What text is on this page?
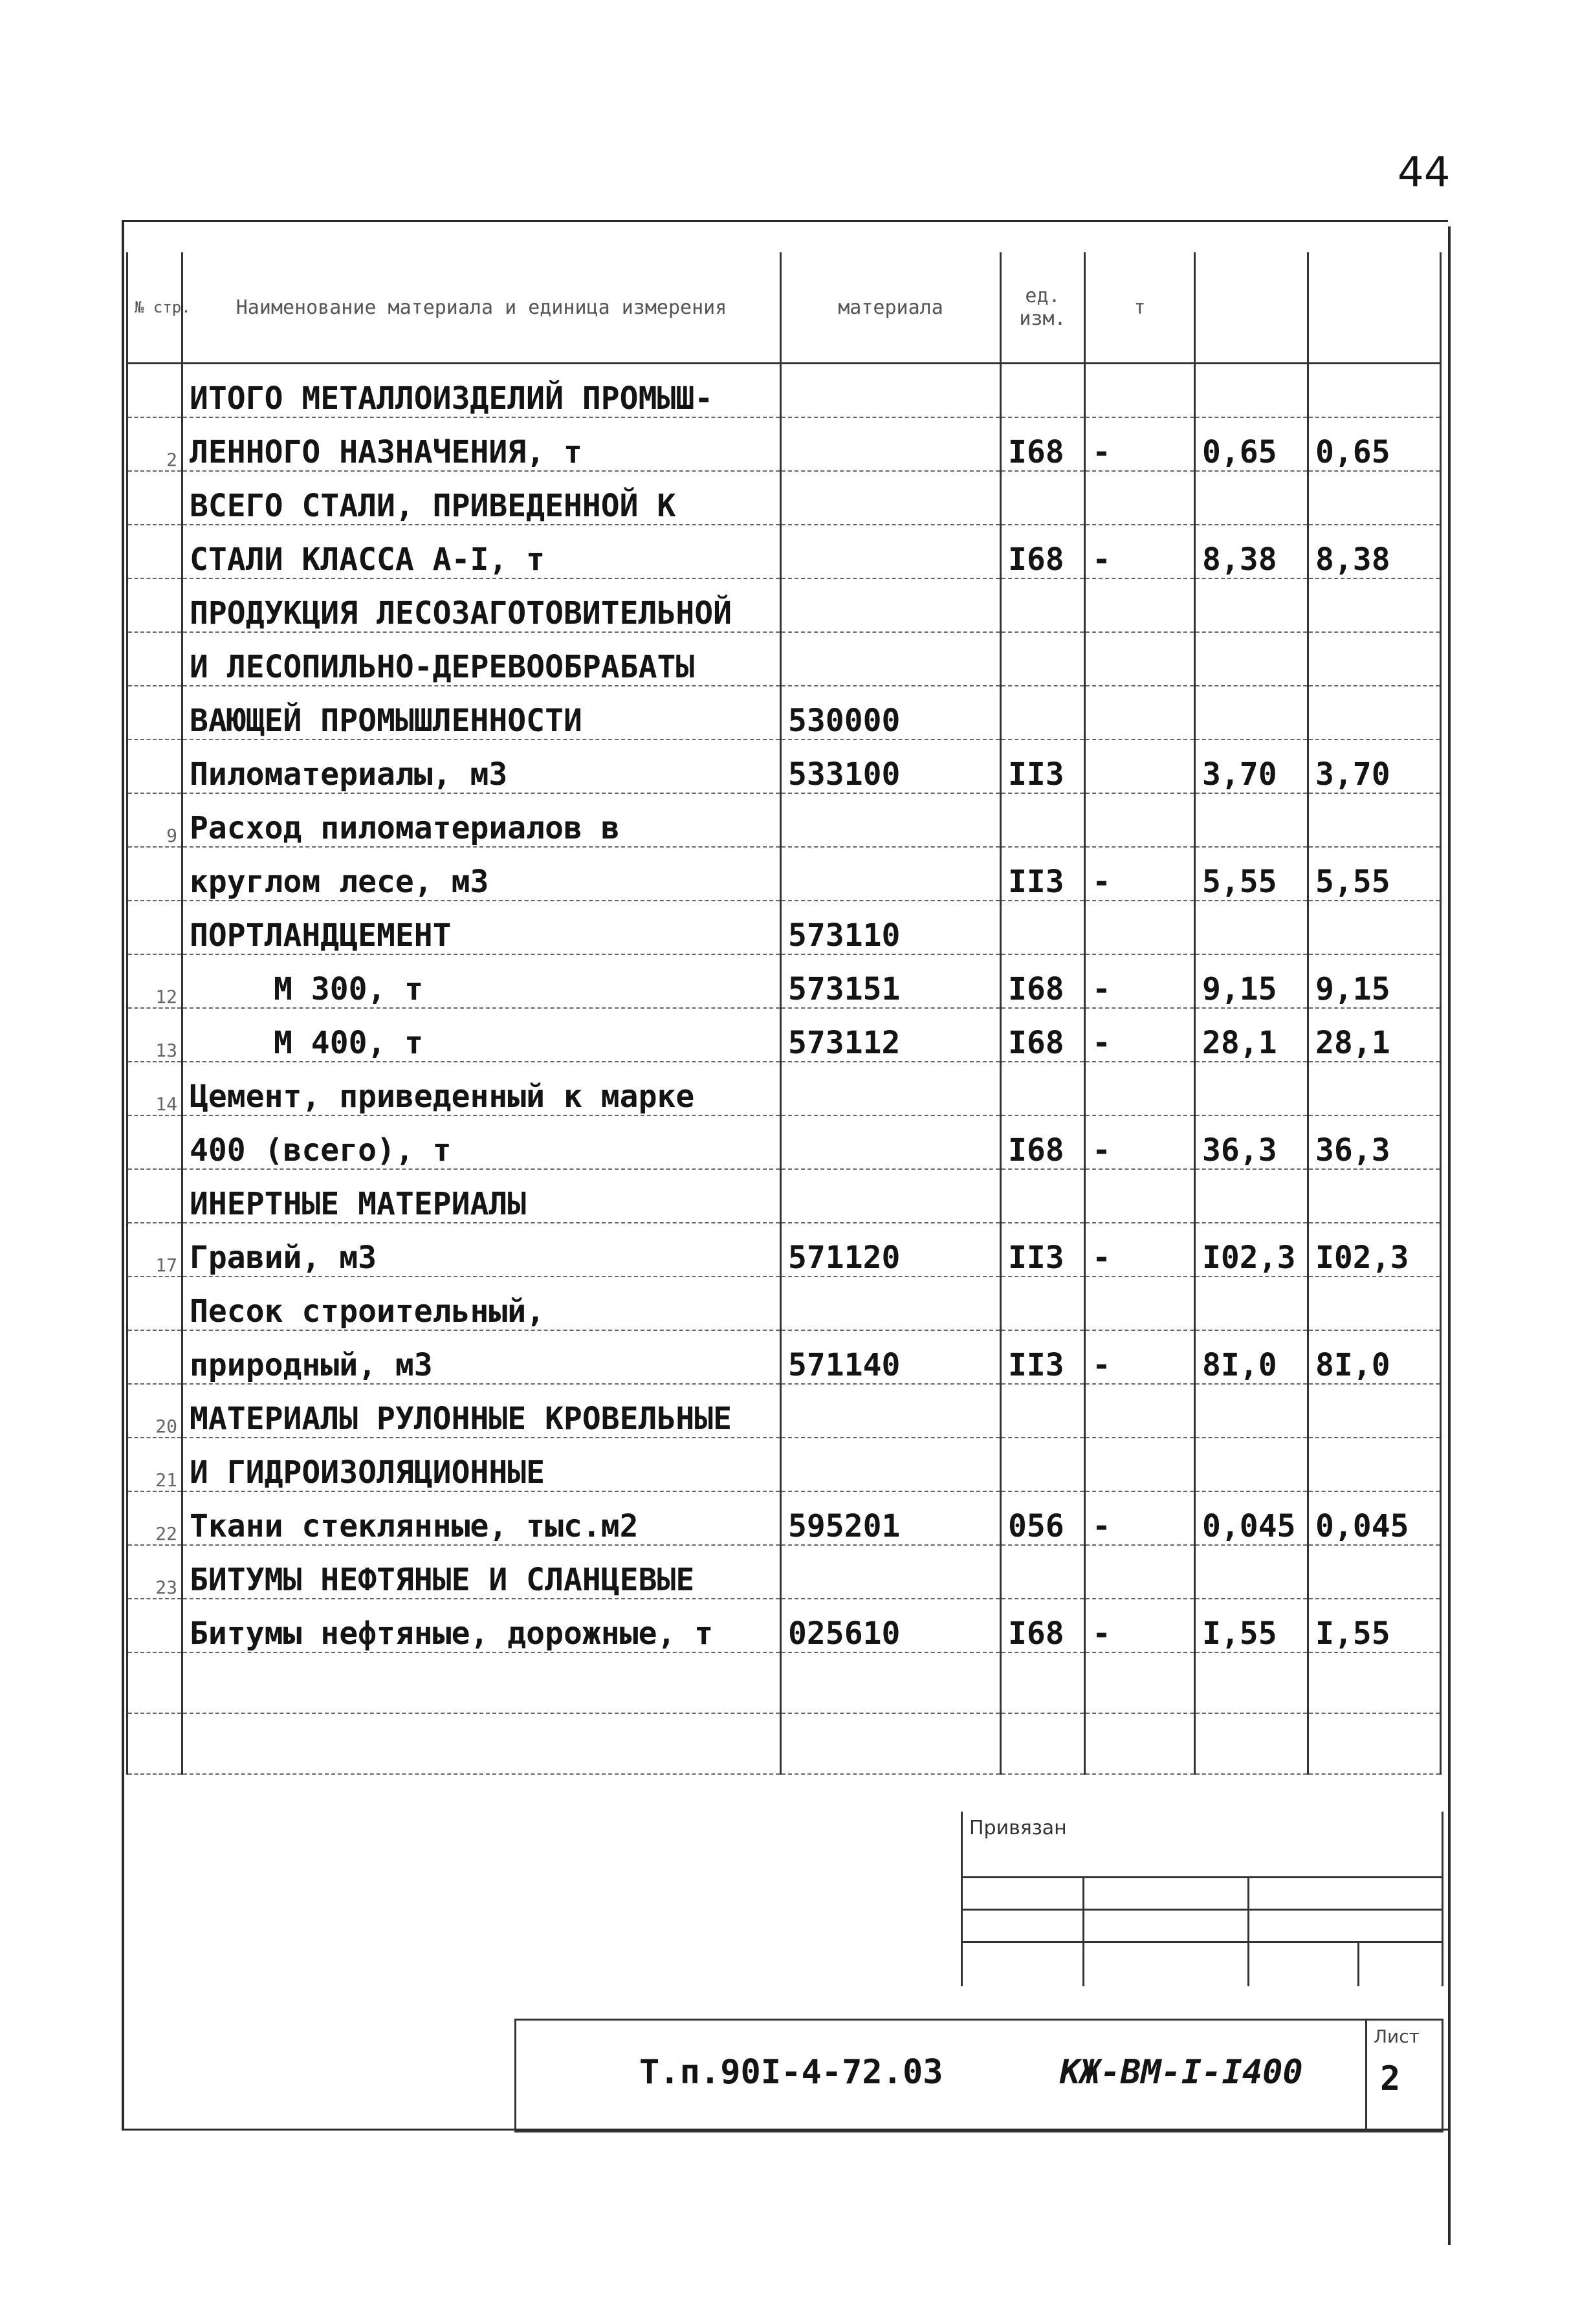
44
№ стр.	Наименование материала и единица измерения	материала	ед. изм.	т		
	ИТОГО МЕТАЛЛОИЗДЕЛИЙ ПРОМЫШ-					
2	ЛЕННОГО НАЗНАЧЕНИЯ, т		I68	-	0,65	0,65
	ВСЕГО СТАЛИ, ПРИВЕДЕННОЙ К					
	СТАЛИ КЛАССА А-I, т		I68	-	8,38	8,38
	ПРОДУКЦИЯ ЛЕСОЗАГОТОВИТЕЛЬНОЙ					
	И ЛЕСОПИЛЬНО-ДЕРЕВООБРАБАТЫ					
	ВАЮЩЕЙ ПРОМЫШЛЕННОСТИ	530000				
	Пиломатериалы, м3	533100	II3		3,70	3,70
9	Расход пиломатериалов в					
	круглом лесе, м3		II3	-	5,55	5,55
	ПОРТЛАНДЦЕМЕНТ	573110				
12	М 300, т	573151	I68	-	9,15	9,15
13	М 400, т	573112	I68	-	28,1	28,1
14	Цемент, приведенный к марке					
	400 (всего), т		I68	-	36,3	36,3
	ИНЕРТНЫЕ МАТЕРИАЛЫ					
17	Гравий, м3	571120	II3	-	I02,3	I02,3
	Песок строительный,					
	природный, м3	571140	II3	-	8I,0	8I,0
20	МАТЕРИАЛЫ РУЛОННЫЕ КРОВЕЛЬНЫЕ					
21	И ГИДРОИЗОЛЯЦИОННЫЕ					
22	Ткани стеклянные, тыс.м2	595201	056	-	0,045	0,045
23	БИТУМЫ НЕФТЯНЫЕ И СЛАНЦЕВЫЕ					
	Битумы нефтяные, дорожные, т	025610	I68	-	I,55	I,55

Привязан
Т.п.90I-4-72.03	КЖ-ВМ-I-I400
Лист
2
